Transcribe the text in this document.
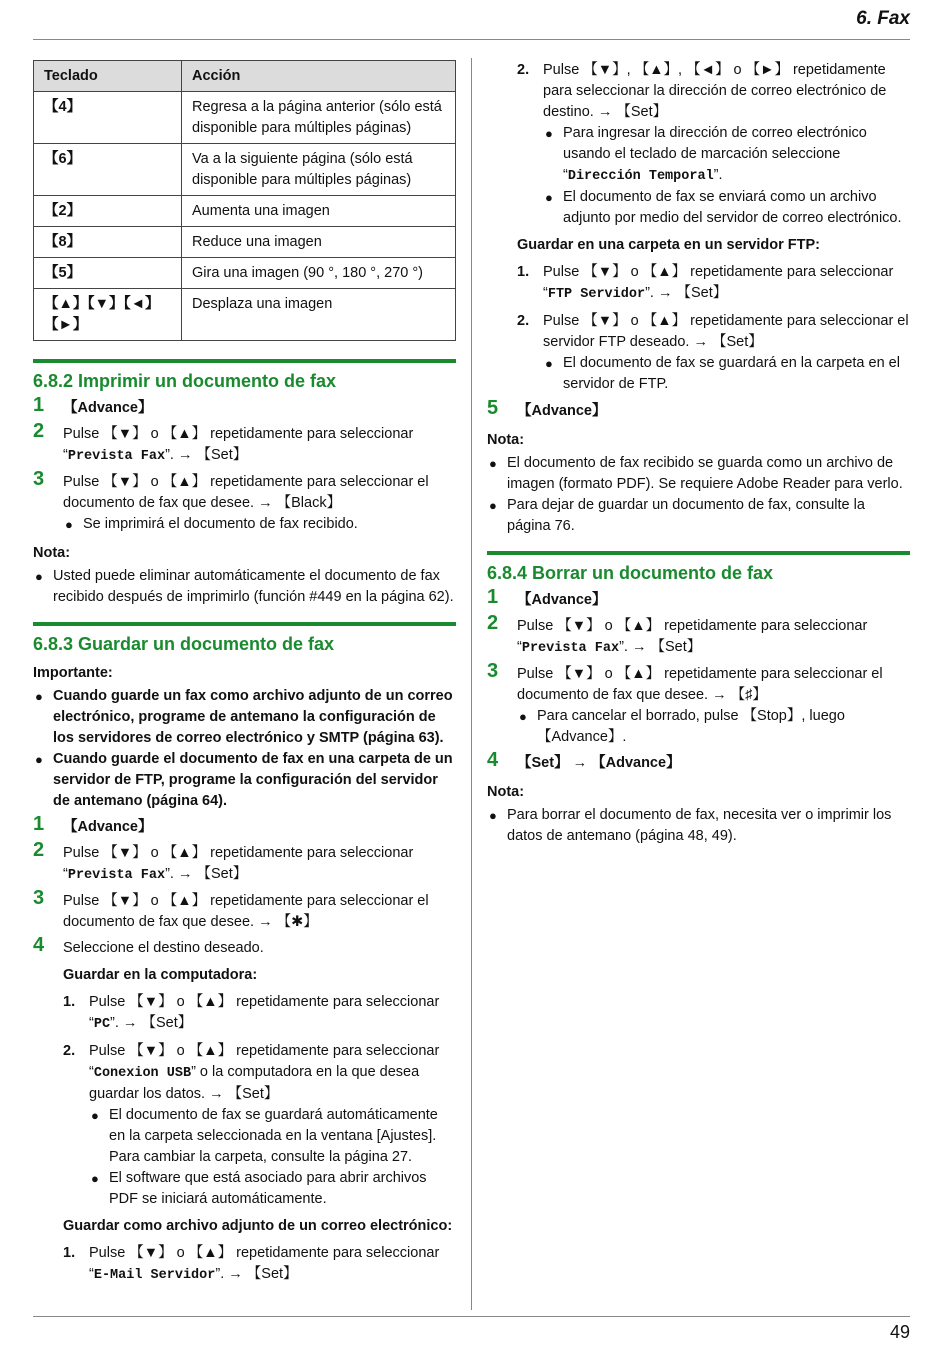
6. Fax
Teclado	Acción
【4】	Regresa a la página anterior (sólo está disponible para múltiples páginas)
【6】	Va a la siguiente página (sólo está disponible para múltiples páginas)
【2】	Aumenta una imagen
【8】	Reduce una imagen
【5】	Gira una imagen (90 °, 180 °, 270 °)
【▲】【▼】【◄】【►】	Desplaza una imagen
6.8.2 Imprimir un documento de fax
1 【Advance】
2 Pulse 【▼】 o 【▲】 repetidamente para seleccionar “Prevista Fax”. → 【Set】
3 Pulse 【▼】 o 【▲】 repetidamente para seleccionar el documento de fax que desee. → 【Black】
● Se imprimirá el documento de fax recibido.
Nota:
● Usted puede eliminar automáticamente el documento de fax recibido después de imprimirlo (función #449 en la página 62).
6.8.3 Guardar un documento de fax
Importante:
● Cuando guarde un fax como archivo adjunto de un correo electrónico, programe de antemano la configuración de los servidores de correo electrónico y SMTP (página 63).
● Cuando guarde el documento de fax en una carpeta de un servidor de FTP, programe la configuración del servidor de antemano (página 64).
1 【Advance】
2 Pulse 【▼】 o 【▲】 repetidamente para seleccionar “Prevista Fax”. → 【Set】
3 Pulse 【▼】 o 【▲】 repetidamente para seleccionar el documento de fax que desee. → 【✱】
4 Seleccione el destino deseado.
Guardar en la computadora:
1. Pulse 【▼】 o 【▲】 repetidamente para seleccionar “PC”. → 【Set】
2. Pulse 【▼】 o 【▲】 repetidamente para seleccionar “Conexion USB” o la computadora en la que desea guardar los datos. → 【Set】
● El documento de fax se guardará automáticamente en la carpeta seleccionada en la ventana [Ajustes]. Para cambiar la carpeta, consulte la página 27.
● El software que está asociado para abrir archivos PDF se iniciará automáticamente.
Guardar como archivo adjunto de un correo electrónico:
1. Pulse 【▼】 o 【▲】 repetidamente para seleccionar “E-Mail Servidor”. → 【Set】
2. Pulse 【▼】, 【▲】, 【◄】 o 【►】 repetidamente para seleccionar la dirección de correo electrónico de destino. → 【Set】
● Para ingresar la dirección de correo electrónico usando el teclado de marcación seleccione “Dirección Temporal”.
● El documento de fax se enviará como un archivo adjunto por medio del servidor de correo electrónico.
Guardar en una carpeta en un servidor FTP:
1. Pulse 【▼】 o 【▲】 repetidamente para seleccionar “FTP Servidor”. → 【Set】
2. Pulse 【▼】 o 【▲】 repetidamente para seleccionar el servidor FTP deseado. → 【Set】
● El documento de fax se guardará en la carpeta en el servidor de FTP.
5 【Advance】
Nota:
● El documento de fax recibido se guarda como un archivo de imagen (formato PDF). Se requiere Adobe Reader para verlo.
● Para dejar de guardar un documento de fax, consulte la página 76.
6.8.4 Borrar un documento de fax
1 【Advance】
2 Pulse 【▼】 o 【▲】 repetidamente para seleccionar “Prevista Fax”. → 【Set】
3 Pulse 【▼】 o 【▲】 repetidamente para seleccionar el documento de fax que desee. → 【♯】
● Para cancelar el borrado, pulse 【Stop】, luego 【Advance】.
4 【Set】 → 【Advance】
Nota:
● Para borrar el documento de fax, necesita ver o imprimir los datos de antemano (página 48, 49).
49
